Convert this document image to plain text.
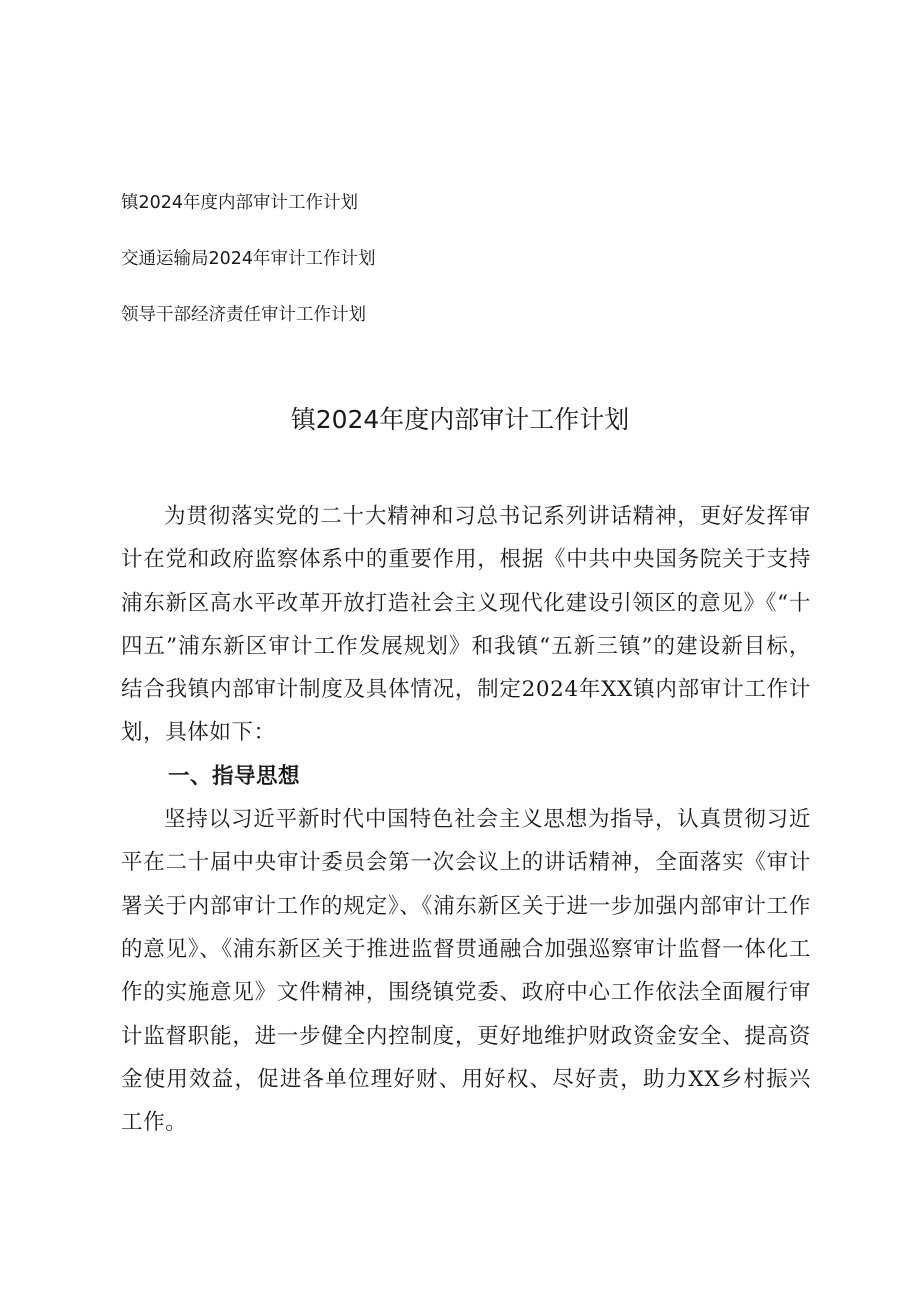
镇2024年度内部审计工作计划
交通运输局2024年审计工作计划
领导干部经济责任审计工作计划
镇2024年度内部审计工作计划

为贯彻落实党的二十大精神和习总书记系列讲话精神，更好发挥审计在党和政府监察体系中的重要作用，根据《中共中央国务院关于支持浦东新区高水平改革开放打造社会主义现代化建设引领区的意见》《“十四五”浦东新区审计工作发展规划》和我镇“五新三镇”的建设新目标，结合我镇内部审计制度及具体情况，制定2024年XX镇内部审计工作计划，具体如下：

一、指导思想

坚持以习近平新时代中国特色社会主义思想为指导，认真贯彻习近平在二十届中央审计委员会第一次会议上的讲话精神，全面落实《审计署关于内部审计工作的规定》、《浦东新区关于进一步加强内部审计工作的意见》、《浦东新区关于推进监督贯通融合加强巡察审计监督一体化工作的实施意见》文件精神，围绕镇党委、政府中心工作依法全面履行审计监督职能，进一步健全内控制度，更好地维护财政资金安全、提高资金使用效益，促进各单位理好财、用好权、尽好责，助力XX乡村振兴工作。
